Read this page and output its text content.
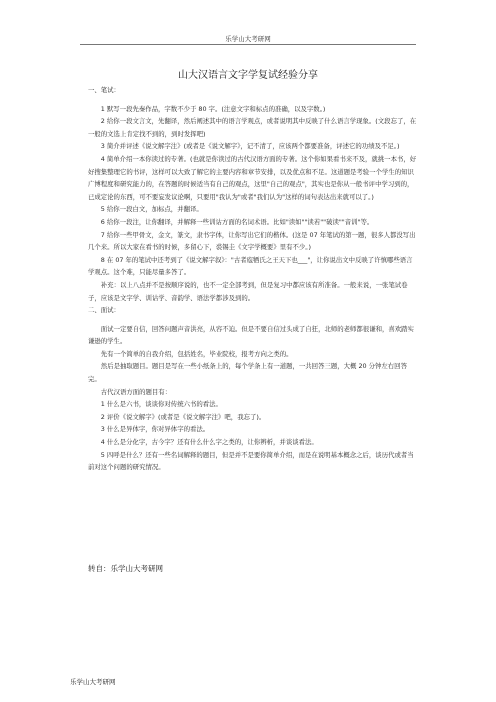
乐学山大考研网
山大汉语言文字学复试经验分享

一、笔试：

1 默写一段先秦作品，字数不少于 80 字。(注意文字和标点的准确，以及字数。)

2 给你一段文言文，先翻译，然后阐述其中的语言学观点，或者说明其中反映了什么语言学现象。(文段忘了，在一般的文选上肯定找不到的，到时发挥吧)

3 简介并评述《说文解字注》(或者是《说文解字》，记不清了，应该两个都要准备，评述它的功绩及不足。)

4 简单介绍一本你读过的专著。(也就是你读过的古代汉语方面的专著。这个你如果看书来不及，就挑一本书，好好搜集整理它的书评，这样可以大致了解它的主要内容和章节安排，以及优点和不足。这道题是考验一个学生的知识广博程度和研究能力的，在答题的时候适当有自己的观点，这里"自己的观点"，其实也是你从一般书评中学习到的，已成定论的东西，可不要妄发议论啊，只要用"我认为"或者"我们认为"这样的词句表达出来就可以了。)

5 给你一段白文，加标点，并翻译。

6 给你一段注，让你翻译，并解释一些训诂方面的名词术语。比如"读如""读若""破读""音训"等。

7 给你一些甲骨文，金文，篆文，隶书字体，让你写出它们的楷体。(这是 07 年笔试的第一题，很多人都没写出几个来。所以大家在看书的时候，多留心下，裘锡圭《文字学概要》里有不少。)

8 在 07 年的笔试中还考到了《说文解字叙》："古者庖牺氏之王天下也___"，让你说出文中反映了许慎哪些语言学观点。这个难，只能尽量多答了。

补充：以上八点并不是按顺序说的，也不一定全部考到，但是复习中都应该有所准备。一般来说，一张笔试卷子，应该是文字学、训诂学、音韵学、语法学都涉及到的。

二、面试：

面试一定要自信，回答问题声音洪亮，从容不迫。但是不要自信过头成了自狂，北师的老师都很谦和，喜欢踏实谦逊的学生。

先有一个简单的自我介绍，包括姓名，毕业院校，报考方向之类的。

然后是抽取题目。题目是写在一些小纸条上的，每个学条上有一道题，一共回答三题，大概 20 分钟左右回答完。

古代汉语方面的题目有：

1 什么是六书，谈谈你对传统六书的看法。

2 评价《说文解字》(或者是《说文解字注》吧，我忘了)。

3 什么是异体字，你对异体字的看法。

4 什么是分化字，古今字？还有什么什么字之类的，让你辨析，并谈谈看法。

5 四呼是什么？还有一些名词解释的题目，但是并不是要你简单介绍，而是在说明基本概念之后，谈历代或者当前对这个问题的研究情况。

转自：乐学山大考研网
乐学山大考研网
